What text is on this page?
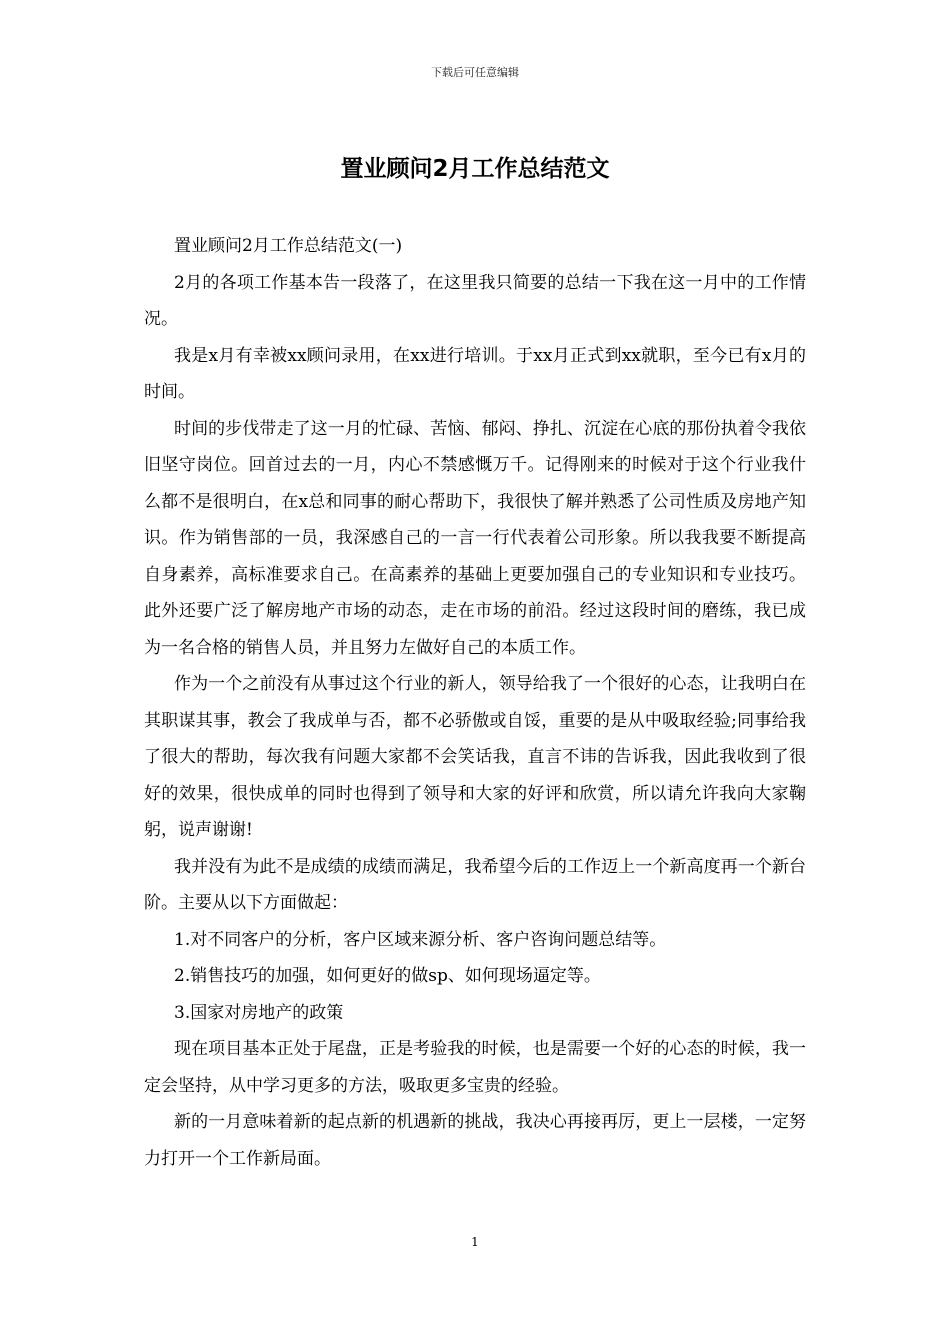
下载后可任意编辑
置业顾问2月工作总结范文

置业顾问2月工作总结范文(一)

2月的各项工作基本告一段落了，在这里我只简要的总结一下我在这一月中的工作情况。

我是x月有幸被xx顾问录用，在xx进行培训。于xx月正式到xx就职，至今已有x月的时间。

时间的步伐带走了这一月的忙碌、苦恼、郁闷、挣扎、沉淀在心底的那份执着令我依旧坚守岗位。回首过去的一月，内心不禁感慨万千。记得刚来的时候对于这个行业我什么都不是很明白，在x总和同事的耐心帮助下，我很快了解并熟悉了公司性质及房地产知识。作为销售部的一员，我深感自己的一言一行代表着公司形象。所以我我要不断提高自身素养，高标准要求自己。在高素养的基础上更要加强自己的专业知识和专业技巧。此外还要广泛了解房地产市场的动态，走在市场的前沿。经过这段时间的磨练，我已成为一名合格的销售人员，并且努力左做好自己的本质工作。

作为一个之前没有从事过这个行业的新人，领导给我了一个很好的心态，让我明白在其职谋其事，教会了我成单与否，都不必骄傲或自馁，重要的是从中吸取经验;同事给我了很大的帮助，每次我有问题大家都不会笑话我，直言不讳的告诉我，因此我收到了很好的效果，很快成单的同时也得到了领导和大家的好评和欣赏，所以请允许我向大家鞠躬，说声谢谢!

我并没有为此不是成绩的成绩而满足，我希望今后的工作迈上一个新高度再一个新台阶。主要从以下方面做起：

1.对不同客户的分析，客户区域来源分析、客户咨询问题总结等。

2.销售技巧的加强，如何更好的做sp、如何现场逼定等。

3.国家对房地产的政策

现在项目基本正处于尾盘，正是考验我的时候，也是需要一个好的心态的时候，我一定会坚持，从中学习更多的方法，吸取更多宝贵的经验。

新的一月意味着新的起点新的机遇新的挑战，我决心再接再厉，更上一层楼，一定努力打开一个工作新局面。

1
